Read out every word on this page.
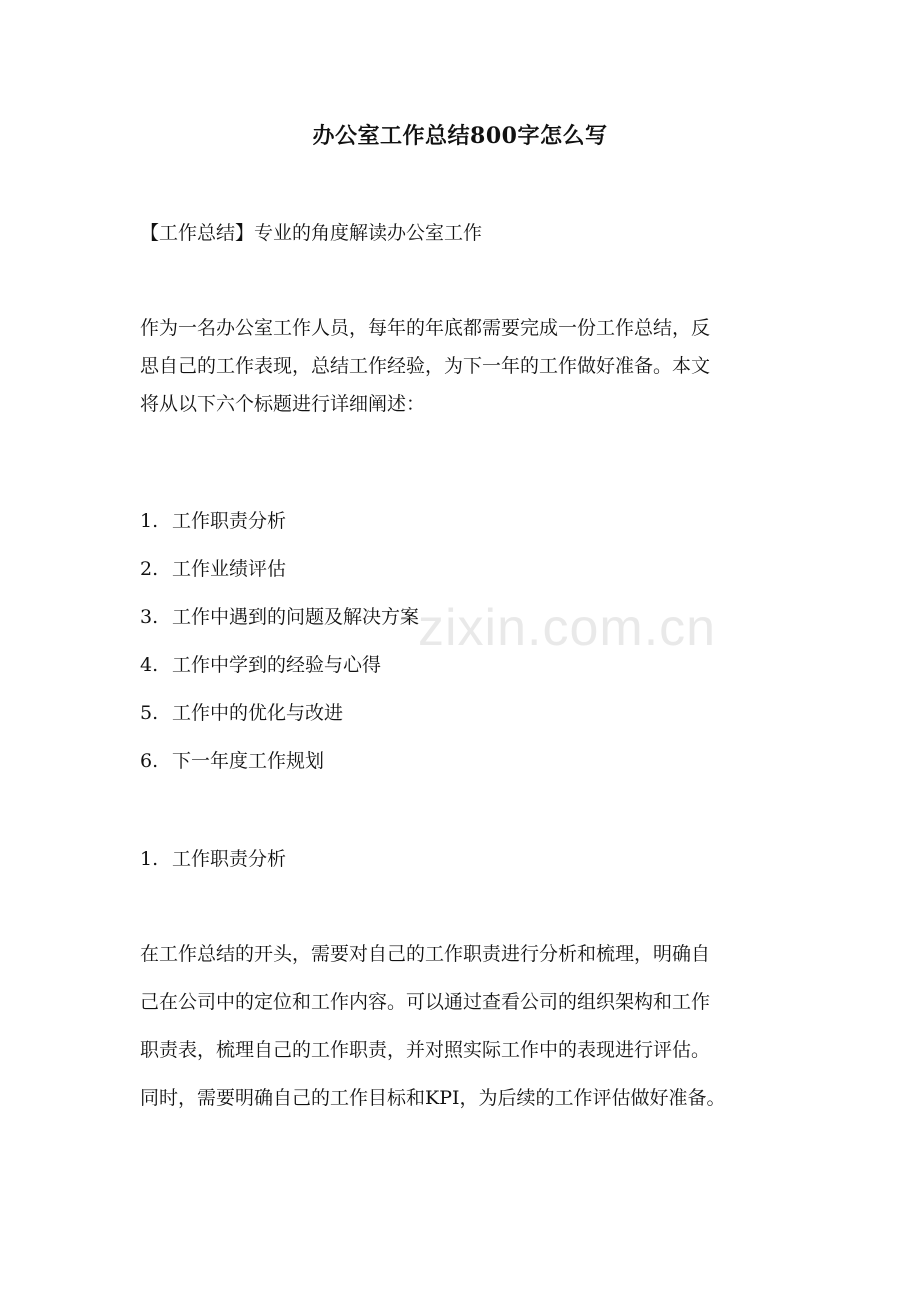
办公室工作总结800字怎么写
【工作总结】专业的角度解读办公室工作
作为一名办公室工作人员，每年的年底都需要完成一份工作总结，反
思自己的工作表现，总结工作经验，为下一年的工作做好准备。本文
将从以下六个标题进行详细阐述：
1. 工作职责分析
2. 工作业绩评估
3. 工作中遇到的问题及解决方案
4. 工作中学到的经验与心得
5. 工作中的优化与改进
6. 下一年度工作规划
1. 工作职责分析
在工作总结的开头，需要对自己的工作职责进行分析和梳理，明确自
己在公司中的定位和工作内容。可以通过查看公司的组织架构和工作
职责表，梳理自己的工作职责，并对照实际工作中的表现进行评估。
同时，需要明确自己的工作目标和KPI，为后续的工作评估做好准备。
zixin.com.cn
